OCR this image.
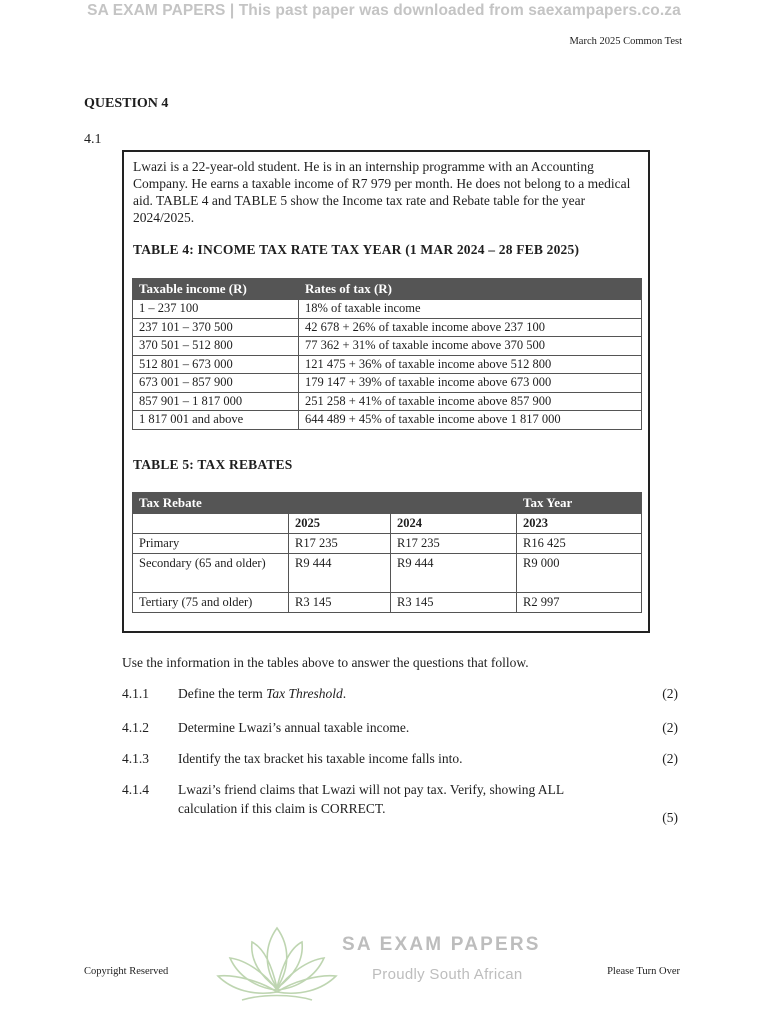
SA EXAM PAPERS | This past paper was downloaded from saexampapers.co.za
March 2025 Common Test
QUESTION 4
4.1
Lwazi is a 22-year-old student. He is in an internship programme with an Accounting Company. He earns a taxable income of R7 979 per month. He does not belong to a medical aid. TABLE 4 and TABLE 5 show the Income tax rate and Rebate table for the year 2024/2025.
TABLE 4: INCOME TAX RATE TAX YEAR (1 MAR 2024 – 28 FEB 2025)
Taxable income (R)	Rates of tax (R)
1 – 237 100	18% of taxable income
237 101 – 370 500	42 678 + 26% of taxable income above 237 100
370 501 – 512 800	77 362 + 31% of taxable income above 370 500
512 801 – 673 000	121 475 + 36% of taxable income above 512 800
673 001 – 857 900	179 147 + 39% of taxable income above 673 000
857 901 – 1 817 000	251 258 + 41% of taxable income above 857 900
1 817 001 and above	644 489 + 45% of taxable income above 1 817 000
TABLE 5: TAX REBATES
Tax Rebate			Tax Year
	2025	2024	2023
Primary	R17 235	R17 235	R16 425
Secondary (65 and older)	R9 444	R9 444	R9 000
Tertiary (75 and older)	R3 145	R3 145	R2 997
Use the information in the tables above to answer the questions that follow.
4.1.1 Define the term Tax Threshold.	(2)
4.1.2 Determine Lwazi’s annual taxable income.	(2)
4.1.3 Identify the tax bracket his taxable income falls into.	(2)
4.1.4 Lwazi’s friend claims that Lwazi will not pay tax. Verify, showing ALL calculation if this claim is CORRECT.
(5)
Copyright Reserved	Please Turn Over
SA EXAM PAPERS
Proudly South African
